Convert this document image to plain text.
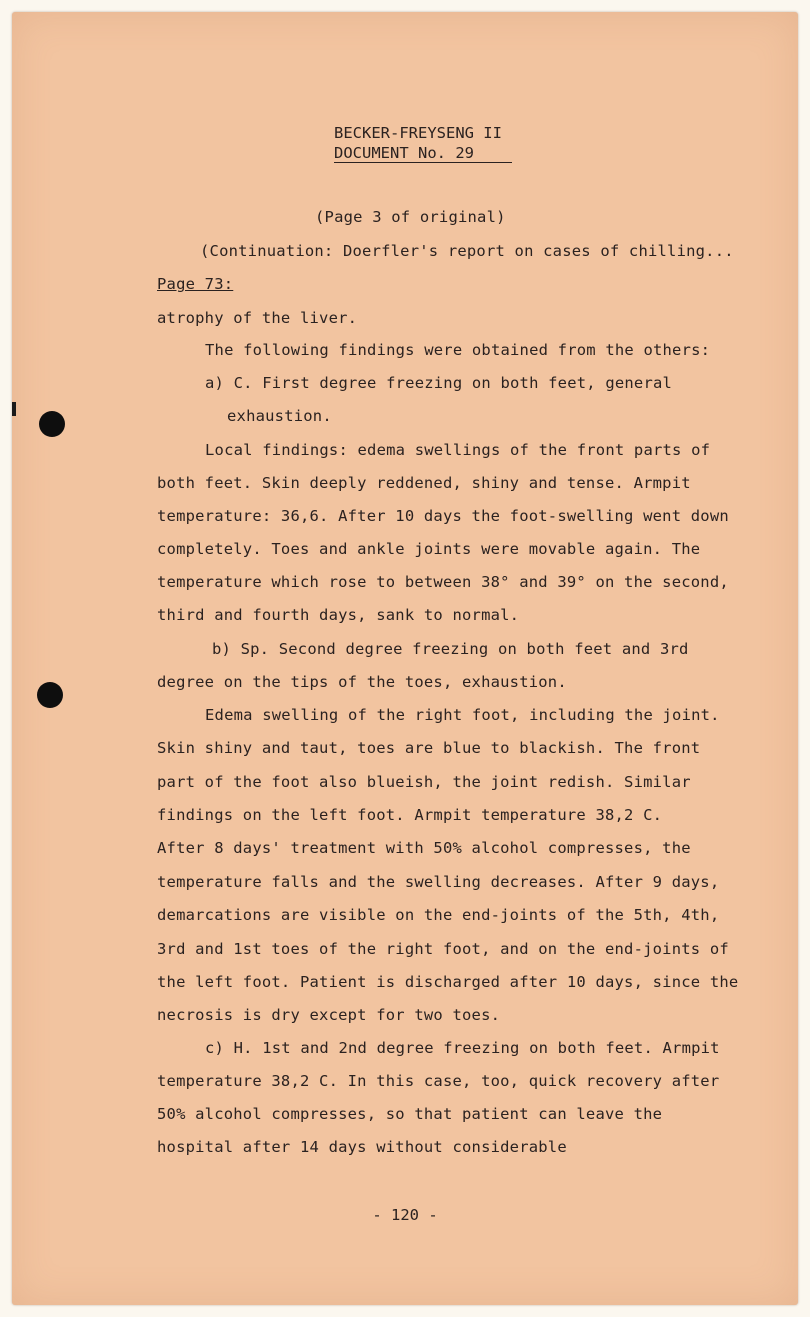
BECKER-FREYSENG II
DOCUMENT No. 29
(Page 3 of original)
(Continuation: Doerfler's report on cases of chilling...
Page 73:
atrophy of the liver.
The following findings were obtained from the others:
a) C. First degree freezing on both feet, general
exhaustion.
Local findings: edema swellings of the front parts of
both feet. Skin deeply reddened, shiny and tense. Armpit
temperature: 36,6. After 10 days the foot-swelling went down
completely. Toes and ankle joints were movable again. The
temperature which rose to between 38° and 39° on the second,
third and fourth days, sank to normal.
b) Sp. Second degree freezing on both feet and 3rd
degree on the tips of the toes, exhaustion.
Edema swelling of the right foot, including the joint.
Skin shiny and taut, toes are blue to blackish. The front
part of the foot also blueish, the joint redish. Similar
findings on the left foot. Armpit temperature 38,2 C.
After 8 days' treatment with 50% alcohol compresses, the
temperature falls and the swelling decreases. After 9 days,
demarcations are visible on the end-joints of the 5th, 4th,
3rd and 1st toes of the right foot, and on the end-joints of
the left foot. Patient is discharged after 10 days, since the
necrosis is dry except for two toes.
c) H. 1st and 2nd degree freezing on both feet. Armpit
temperature 38,2 C. In this case, too, quick recovery after
50% alcohol compresses, so that patient can leave the
hospital after 14 days without considerable
- 120 -
